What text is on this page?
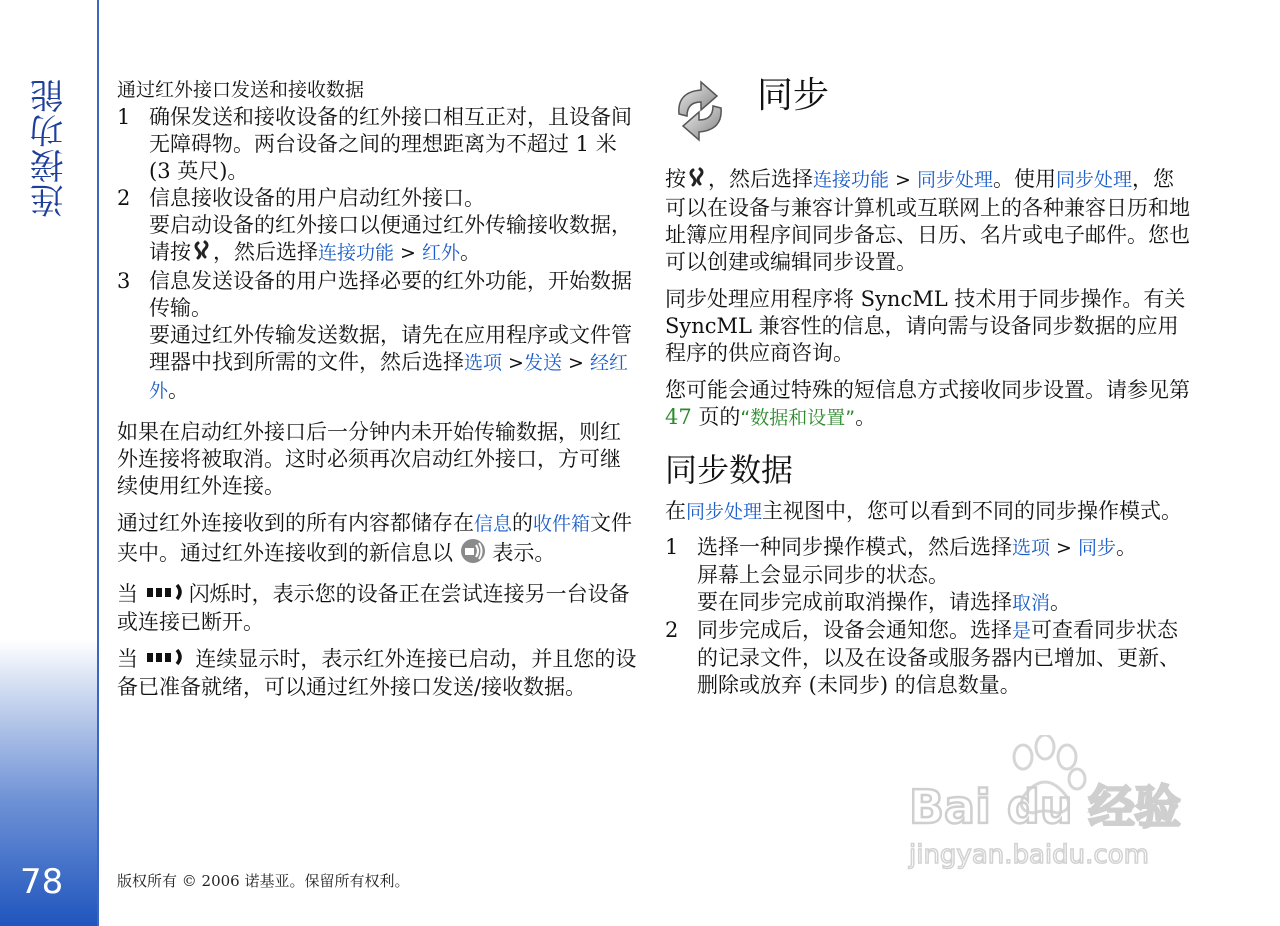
连接功能
78
通过红外接口发送和接收数据
1 确保发送和接收设备的红外接口相互正对，且设备间无障碍物。两台设备之间的理想距离为不超过 1 米 (3 英尺)。
2 信息接收设备的用户启动红外接口。
要启动设备的红外接口以便通过红外传输接收数据，请按 ，然后选择连接功能 > 红外。
3 信息发送设备的用户选择必要的红外功能，开始数据传输。
要通过红外传输发送数据，请先在应用程序或文件管理器中找到所需的文件，然后选择选项 >发送 > 经红外。
如果在启动红外接口后一分钟内未开始传输数据，则红外连接将被取消。这时必须再次启动红外接口，方可继续使用红外连接。
通过红外连接收到的所有内容都储存在信息的收件箱文件夹中。通过红外连接收到的新信息以 表示。
当 闪烁时，表示您的设备正在尝试连接另一台设备或连接已断开。
当	连续显示时，表示红外连接已启动，并且您的设备已准备就绪，可以通过红外接口发送/接收数据。
同步
按 ，然后选择连接功能 > 同步处理。使用同步处理，您可以在设备与兼容计算机或互联网上的各种兼容日历和地址簿应用程序间同步备忘、日历、名片或电子邮件。您也可以创建或编辑同步设置。
同步处理应用程序将 SyncML 技术用于同步操作。有关 SyncML 兼容性的信息，请向需与设备同步数据的应用程序的供应商咨询。
您可能会通过特殊的短信息方式接收同步设置。请参见第 47 页的“数据和设置”。
同步数据
在同步处理主视图中，您可以看到不同的同步操作模式。
1 选择一种同步操作模式，然后选择选项 > 同步。
屏幕上会显示同步的状态。
要在同步完成前取消操作，请选择取消。
2 同步完成后，设备会通知您。选择是可查看同步状态的记录文件，以及在设备或服务器内已增加、更新、删除或放弃 (未同步) 的信息数量。
版权所有 © 2006 诺基亚。保留所有权利。
Bai du 经验
jingyan.baidu.com
